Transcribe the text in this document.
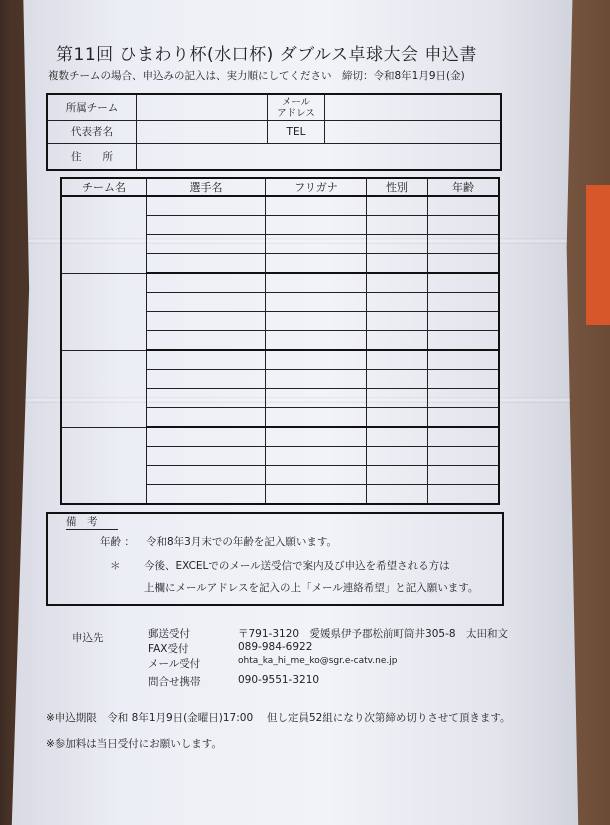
第11回 ひまわり杯(水口杯) ダブルス卓球大会 申込書
複数チームの場合、申込みの記入は、実力順にしてください　締切：令和8年1月9日(金)
所属チーム		メール
アドレス	

代表者名		TEL	
住　　所			
チーム名	選手名	フリガナ	性別	年齢

備　考
年齢 ： 令和8年3月末での年齢を記入願います。
＊ 今後、EXCELでのメール送受信で案内及び申込を希望される方は
上欄にメールアドレスを記入の上「メール連絡希望」と記入願います。
申込先	郵送受付	〒791-3120　愛媛県伊予郡松前町筒井305-8　太田和文
FAX受付	089-984-6922
メール受付	ohta_ka_hi_me_ko@sgr.e-catv.ne.jp
問合せ携帯	090-9551-3210
※申込期限　令和 8年1月9日(金曜日)17:00　 但し定員52組になり次第締め切りさせて頂きます。
※参加料は当日受付にお願いします。
